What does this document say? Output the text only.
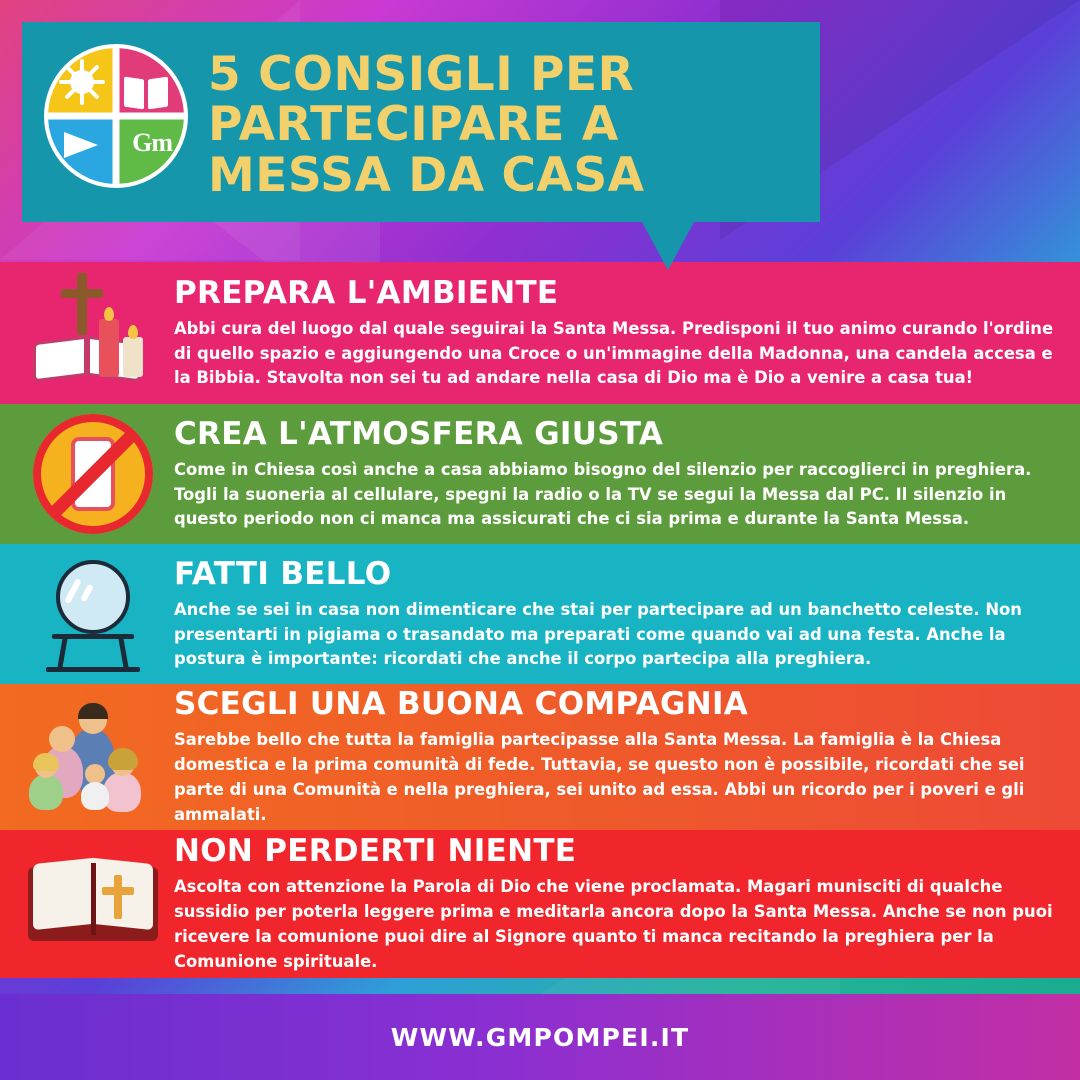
Gm
5 CONSIGLI PER PARTECIPARE A MESSA DA CASA
PREPARA L'AMBIENTE

Abbi cura del luogo dal quale seguirai la Santa Messa. Predisponi il tuo animo curando l'ordine di quello spazio e aggiungendo una Croce o un'immagine della Madonna, una candela accesa e la Bibbia. Stavolta non sei tu ad andare nella casa di Dio ma è Dio a venire a casa tua!

CREA L'ATMOSFERA GIUSTA

Come in Chiesa così anche a casa abbiamo bisogno del silenzio per raccoglierci in preghiera. Togli la suoneria al cellulare, spegni la radio o la TV se segui la Messa dal PC. Il silenzio in questo periodo non ci manca ma assicurati che ci sia prima e durante la Santa Messa.

FATTI BELLO

Anche se sei in casa non dimenticare che stai per partecipare ad un banchetto celeste. Non presentarti in pigiama o trasandato ma preparati come quando vai ad una festa. Anche la postura è importante: ricordati che anche il corpo partecipa alla preghiera.

SCEGLI UNA BUONA COMPAGNIA

Sarebbe bello che tutta la famiglia partecipasse alla Santa Messa. La famiglia è la Chiesa domestica e la prima comunità di fede. Tuttavia, se questo non è possibile, ricordati che sei parte di una Comunità e nella preghiera, sei unito ad essa. Abbi un ricordo per i poveri e gli ammalati.

NON PERDERTI NIENTE

Ascolta con attenzione la Parola di Dio che viene proclamata. Magari munisciti di qualche sussidio per poterla leggere prima e meditarla ancora dopo la Santa Messa. Anche se non puoi ricevere la comunione puoi dire al Signore quanto ti manca recitando la preghiera per la Comunione spirituale.

WWW.GMPOMPEI.IT
